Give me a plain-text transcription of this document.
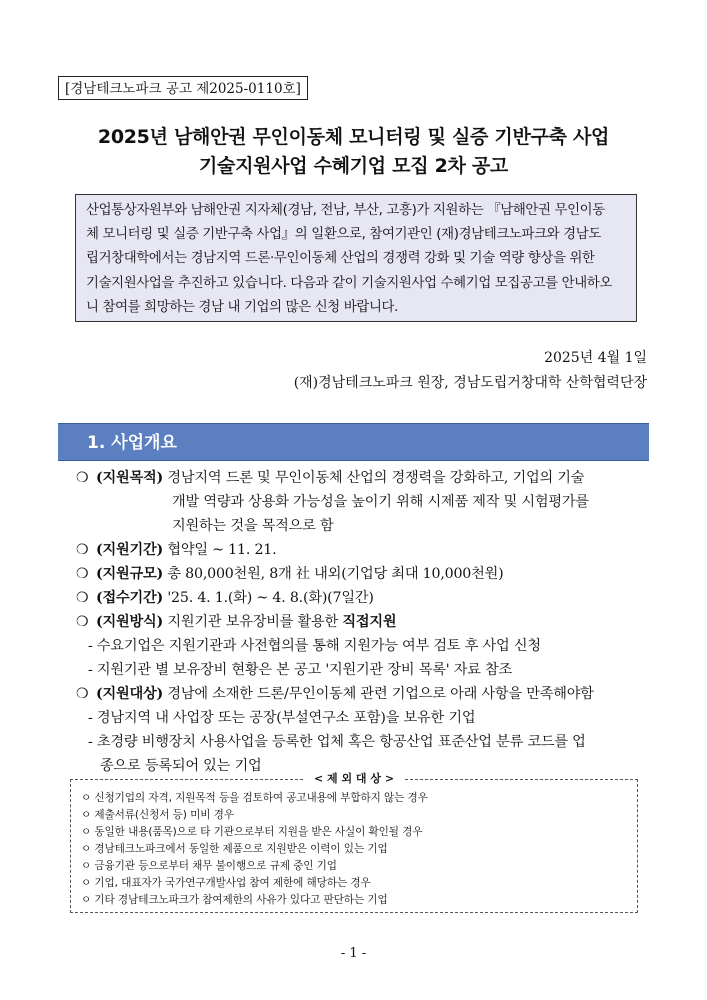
[경남테크노파크 공고 제2025-0110호]
2025년 남해안권 무인이동체 모니터링 및 실증 기반구축 사업
기술지원사업 수혜기업 모집 2차 공고
산업통상자원부와 남해안권 지자체(경남, 전남, 부산, 고흥)가 지원하는 『남해안권 무인이동
체 모니터링 및 실증 기반구축 사업』의 일환으로, 참여기관인 (재)경남테크노파크와 경남도
립거창대학에서는 경남지역 드론·무인이동체 산업의 경쟁력 강화 및 기술 역량 향상을 위한
기술지원사업을 추진하고 있습니다. 다음과 같이 기술지원사업 수혜기업 모집공고를 안내하오
니 참여를 희망하는 경남 내 기업의 많은 신청 바랍니다.
2025년 4월 1일
(재)경남테크노파크 원장, 경남도립거창대학 산학협력단장
1. 사업개요
❍ (지원목적) 경남지역 드론 및 무인이동체 산업의 경쟁력을 강화하고, 기업의 기술
개발 역량과 상용화 가능성을 높이기 위해 시제품 제작 및 시험평가를
지원하는 것을 목적으로 함
❍ (지원기간) 협약일 ~ 11. 21.
❍ (지원규모) 총 80,000천원, 8개 社 내외(기업당 최대 10,000천원)
❍ (접수기간) '25. 4. 1.(화) ~ 4. 8.(화)(7일간)
❍ (지원방식) 지원기관 보유장비를 활용한 직접지원
- 수요기업은 지원기관과 사전협의를 통해 지원가능 여부 검토 후 사업 신청
- 지원기관 별 보유장비 현황은 본 공고 '지원기관 장비 목록' 자료 참조
❍ (지원대상) 경남에 소재한 드론/무인이동체 관련 기업으로 아래 사항을 만족해야함
- 경남지역 내 사업장 또는 공장(부설연구소 포함)을 보유한 기업
- 초경량 비행장치 사용사업을 등록한 업체 혹은 항공산업 표준산업 분류 코드를 업
종으로 등록되어 있는 기업
< 제 외 대 상 >
ㅇ 신청기업의 자격, 지원목적 등을 검토하여 공고내용에 부합하지 않는 경우
ㅇ 제출서류(신청서 등) 미비 경우
ㅇ 동일한 내용(품목)으로 타 기관으로부터 지원을 받은 사실이 확인될 경우
ㅇ 경남테크노파크에서 동일한 제품으로 지원받은 이력이 있는 기업
ㅇ 금융기관 등으로부터 채무 불이행으로 규제 중인 기업
ㅇ 기업, 대표자가 국가연구개발사업 참여 제한에 해당하는 경우
ㅇ 기타 경남테크노파크가 참여제한의 사유가 있다고 판단하는 기업
- 1 -
